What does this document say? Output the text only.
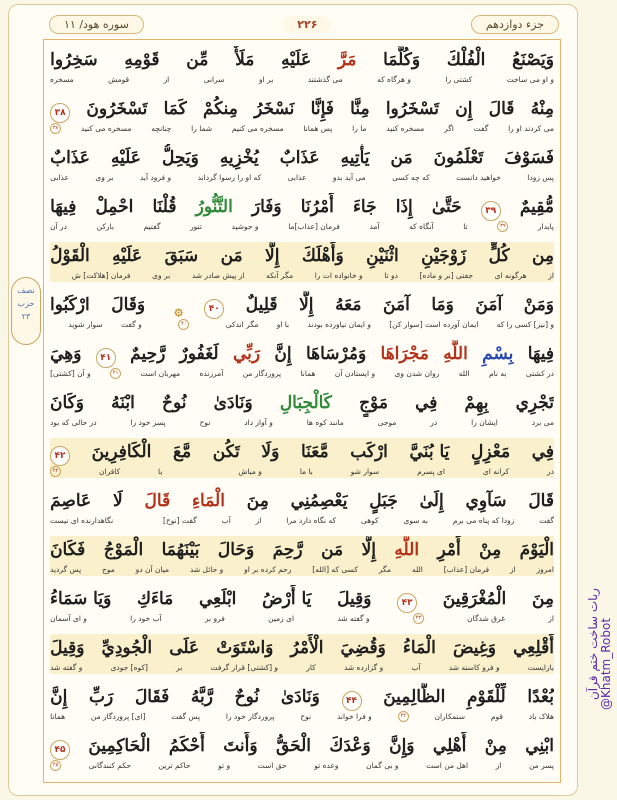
سوره هود/ ۱۱	۲۲۶	جزء دوازدهم
وَيَصْنَعُ
الْفُلْكَ
وَكُلَّمَا
مَرَّ
عَلَيْهِ
مَلَأٌ
مِّن
قَوْمِهِ
سَخِرُوا
و او می ساخت
کشتی را
و هرگاه که
می گذشتند
بر او
سرانی
از
قومش
مسخره
مِنْهُ
قَالَ
إِن
تَسْخَرُوا
مِنَّا
فَإِنَّا
نَسْخَرُ
مِنكُمْ
كَمَا
تَسْخَرُونَ
۳۸
می کردند او را
گفت
اگر
مسخره کنید
ما را
پس همانا
مسخره می کنیم
شما را
چنانچه
مسخره می کنید
۳۸
فَسَوْفَ
تَعْلَمُونَ
مَن
يَأْتِيهِ
عَذَابٌ
يُخْزِيهِ
وَيَحِلُّ
عَلَيْهِ
عَذَابٌ
پس زودا
خواهید دانست
که چه کسی
می آید بدو
عذابی
که او را رسوا گرداند
و فرود آید
بر وی
عذابی
مُّقِيمٌ
۳۹
حَتَّىٰ
إِذَا
جَاءَ
أَمْرُنَا
وَفَارَ
التَّنُّورُ
قُلْنَا
احْمِلْ
فِيهَا
پایدار
۳۹
تا
آنگاه که
آمد
فرمان [عذاب]ما
و جوشید
تنور
گفتیم
بارکن
در آن
مِن
كُلٍّ
زَوْجَيْنِ
اثْنَيْنِ
وَأَهْلَكَ
إِلَّا
مَن
سَبَقَ
عَلَيْهِ
الْقَوْلُ
از
هرگونه ای
جفتی [نر و ماده]
دو تا
و خانواده ات را
مگر آنکه
از پیش صادر شد
بر وی
فرمان [هلاکت] ش
وَمَنْ
آمَنَ
وَمَا
آمَنَ
مَعَهُ
إِلَّا
قَلِيلٌ
۴۰
۞
وَقَالَ
ارْكَبُوا
و [نیز] کسی را که
ایمان آورده است [سوار کن]
و ایمان نیاورده بودند
با او
مگر اندکی
۴۰
و گفت
سوار شوید
فِيهَا
بِسْمِ
اللَّهِ
مَجْرَاهَا
وَمُرْسَاهَا
إِنَّ
رَبِّي
لَغَفُورٌ
رَّحِيمٌ
۴۱
وَهِيَ
در کشتی
به نام
الله
روان شدن وی
و ایستادن آن
همانا
پروردگار من
آمرزنده
مهربان است
۴۱
و آن [کشتی]
تَجْرِي
بِهِمْ
فِي
مَوْجٍ
كَالْجِبَالِ
وَنَادَىٰ
نُوحٌ
ابْنَهُ
وَكَانَ
می برد
ایشان را
در
موجی
مانند کوه ها
و آواز داد
نوح
پسر خود را
در حالی که بود
فِي
مَعْزِلٍ
يَا بُنَيَّ
ارْكَب
مَّعَنَا
وَلَا
تَكُن
مَّعَ
الْكَافِرِينَ
۴۲
در
کرانه ای
ای پسرم
سوار شو
با ما
و مباش
با
کافران
۴۲
قَالَ
سَآوِي
إِلَىٰ
جَبَلٍ
يَعْصِمُنِي
مِنَ
الْمَاءِ
قَالَ
لَا
عَاصِمَ
گفت
زودا که پناه می برم
به سوی
کوهی
که نگاه دارد مرا
از
آب
گفت [نوح]
نگاهدارنده ای نیست
الْيَوْمَ
مِنْ
أَمْرِ
اللَّهِ
إِلَّا
مَن
رَّحِمَ
وَحَالَ
بَيْنَهُمَا
الْمَوْجُ
فَكَانَ
امروز
از
فرمان [عذاب]
الله
مگر
کسی که [الله]
رحم کرده بر او
و حائل شد
میان آن دو
موج
پس گردید
مِنَ
الْمُغْرَقِينَ
۴۳
وَقِيلَ
يَا أَرْضُ
ابْلَعِي
مَاءَكِ
وَيَا سَمَاءُ
از
غرق شدگان
۴۳
و گفته شد
ای زمین
فرو بر
آب خود را
و ای آسمان
أَقْلِعِي
وَغِيضَ
الْمَاءُ
وَقُضِيَ
الْأَمْرُ
وَاسْتَوَتْ
عَلَى
الْجُودِيِّ
وَقِيلَ
بازایست
و فرو کاسته شد
آب
و گزارده شد
کار
و [کشتی] قرار گرفت
بر
[کوه] جودی
و گفته شد
بُعْدًا
لِّلْقَوْمِ
الظَّالِمِينَ
۴۴
وَنَادَىٰ
نُوحٌ
رَّبَّهُ
فَقَالَ
رَبِّ
إِنَّ
هلاک باد
قوم
ستمکاران
۴۴
و فرا خواند
نوح
پروردگار خود را
پس گفت
[ای] پروردگار من
همانا
ابْنِي
مِنْ
أَهْلِي
وَإِنَّ
وَعْدَكَ
الْحَقُّ
وَأَنتَ
أَحْكَمُ
الْحَاكِمِينَ
۴۵
پسر من
از
اهل من است
و بی گمان
وعده تو
حق است
و تو
حاکم ترین
حکم کنندگانی
۴۵
نصف
حزب
۲۳
ربات ساخت ختم قرآن @Khatm_Robot
